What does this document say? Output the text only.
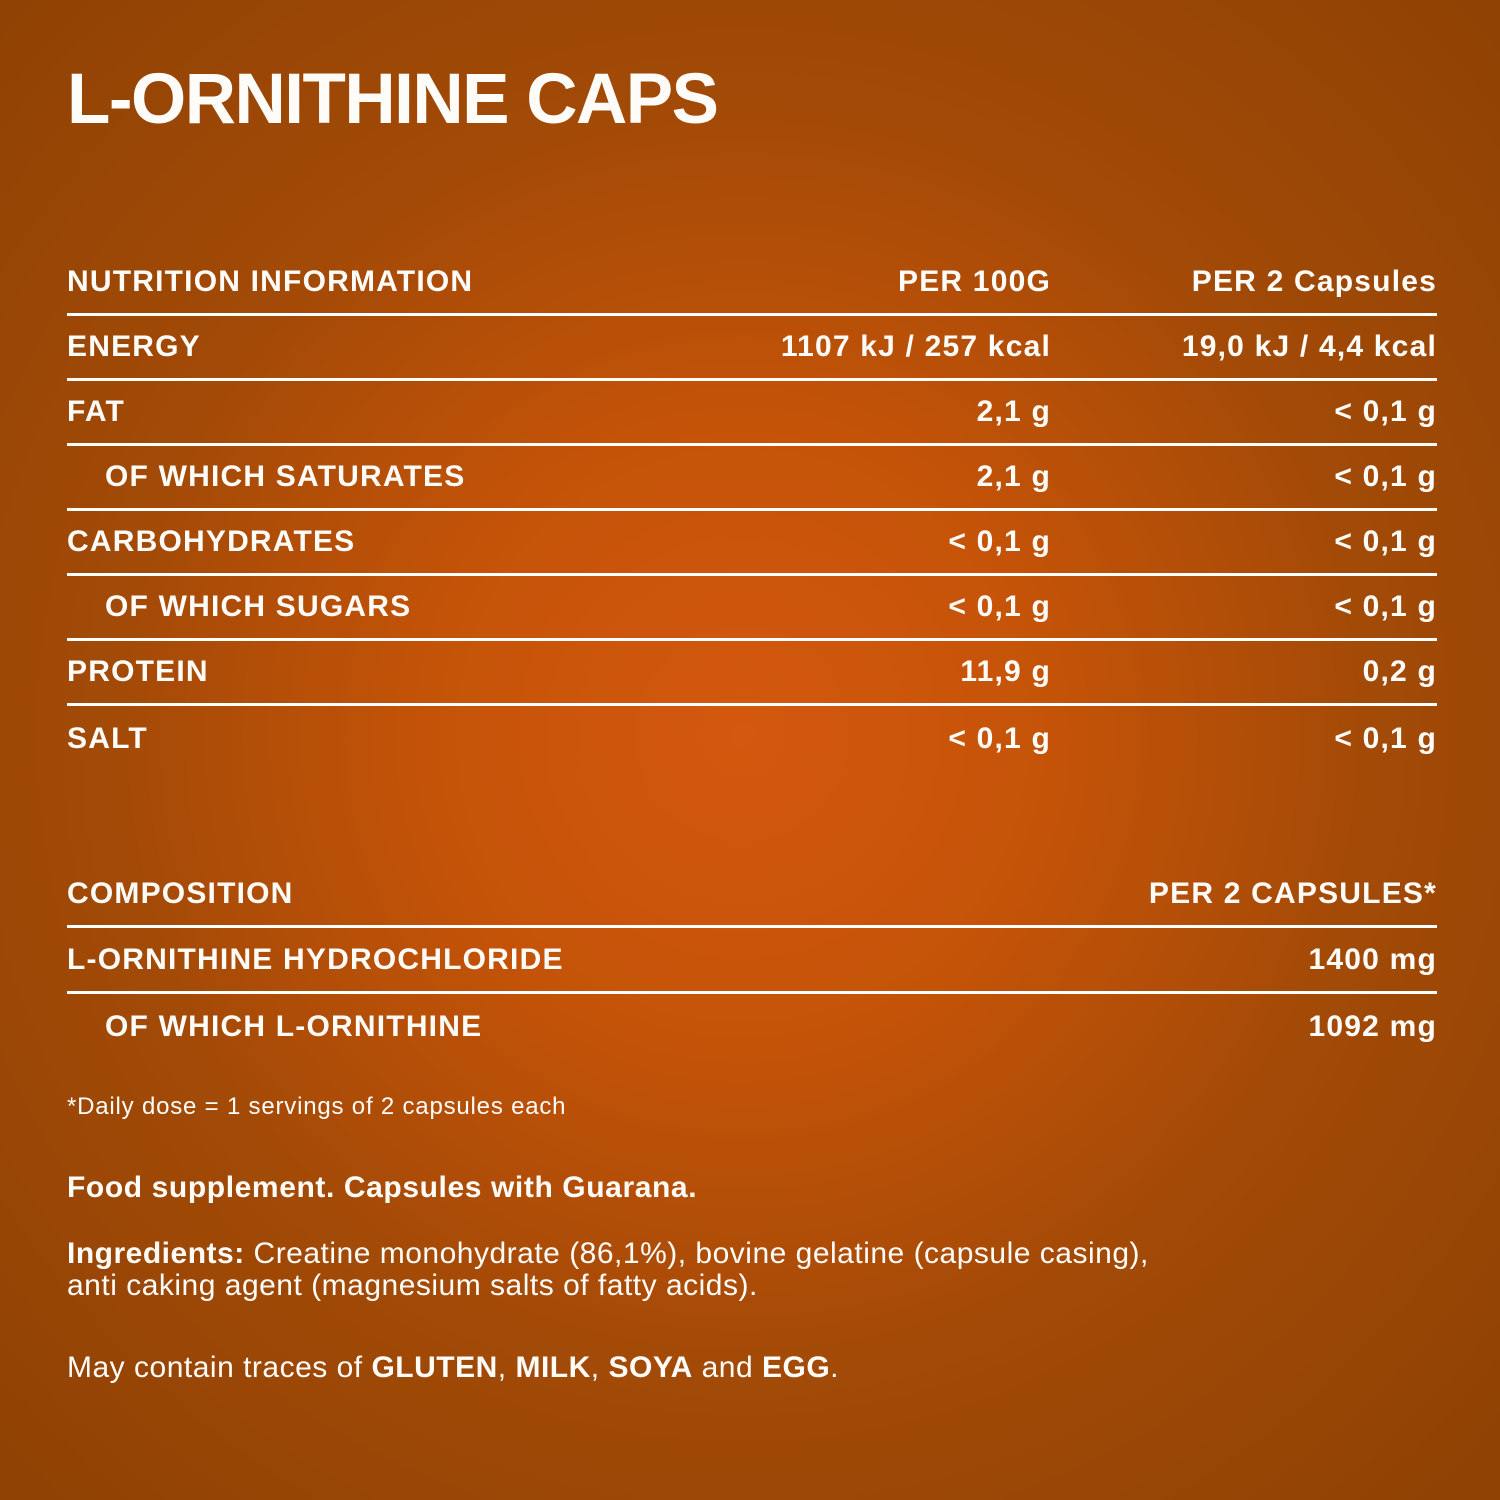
L-ORNITHINE CAPS
NUTRITION INFORMATION	PER 100G	PER 2 Capsules
ENERGY	1107 kJ / 257 kcal	19,0 kJ / 4,4 kcal
FAT	2,1 g	< 0,1 g
OF WHICH SATURATES	2,1 g	< 0,1 g
CARBOHYDRATES	< 0,1 g	< 0,1 g
OF WHICH SUGARS	< 0,1 g	< 0,1 g
PROTEIN	11,9 g	0,2 g
SALT	< 0,1 g	< 0,1 g
COMPOSITION	PER 2 CAPSULES*
L-ORNITHINE HYDROCHLORIDE	1400 mg
OF WHICH L-ORNITHINE	1092 mg
*Daily dose = 1 servings of 2 capsules each
Food supplement. Capsules with Guarana.
Ingredients: Creatine monohydrate (86,1%), bovine gelatine (capsule casing), anti caking agent (magnesium salts of fatty acids).
May contain traces of GLUTEN, MILK, SOYA and EGG.
